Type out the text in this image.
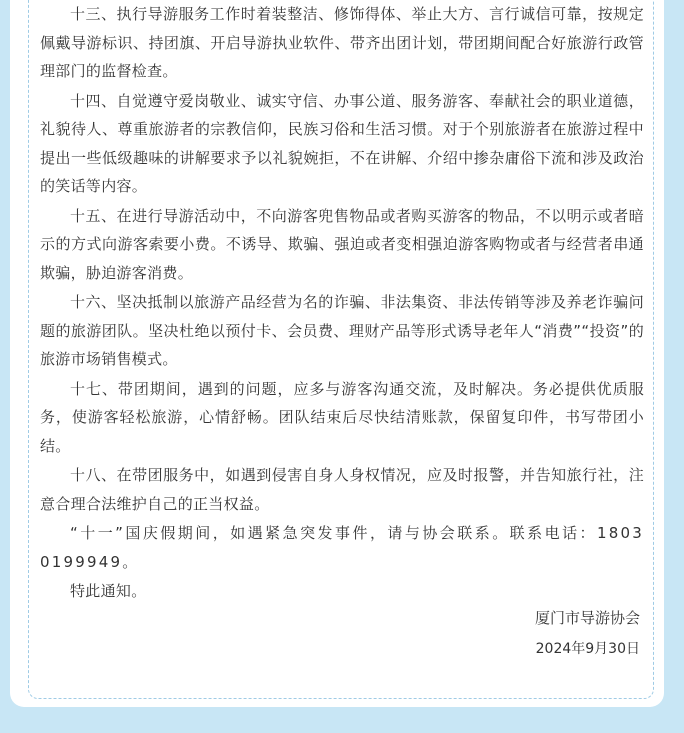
十三、执行导游服务工作时着装整洁、修饰得体、举止大方、言行诚信可靠，按规定佩戴导游标识、持团旗、开启导游执业软件、带齐出团计划，带团期间配合好旅游行政管理部门的监督检查。

十四、自觉遵守爱岗敬业、诚实守信、办事公道、服务游客、奉献社会的职业道德，礼貌待人、尊重旅游者的宗教信仰，民族习俗和生活习惯。对于个别旅游者在旅游过程中提出一些低级趣味的讲解要求予以礼貌婉拒，不在讲解、介绍中掺杂庸俗下流和涉及政治的笑话等内容。

十五、在进行导游活动中，不向游客兜售物品或者购买游客的物品，不以明示或者暗示的方式向游客索要小费。不诱导、欺骗、强迫或者变相强迫游客购物或者与经营者串通欺骗，胁迫游客消费。

十六、坚决抵制以旅游产品经营为名的诈骗、非法集资、非法传销等涉及养老诈骗问题的旅游团队。坚决杜绝以预付卡、会员费、理财产品等形式诱导老年人“消费”“投资”的旅游市场销售模式。

十七、带团期间，遇到的问题，应多与游客沟通交流，及时解决。务必提供优质服务，使游客轻松旅游，心情舒畅。团队结束后尽快结清账款，保留复印件，书写带团小结。

十八、在带团服务中，如遇到侵害自身人身权情况，应及时报警，并告知旅行社，注意合理合法维护自己的正当权益。

“十一”国庆假期间，如遇紧急突发事件，请与协会联系。联系电话：18030199949。

特此通知。

厦门市导游协会
2024年9月30日
